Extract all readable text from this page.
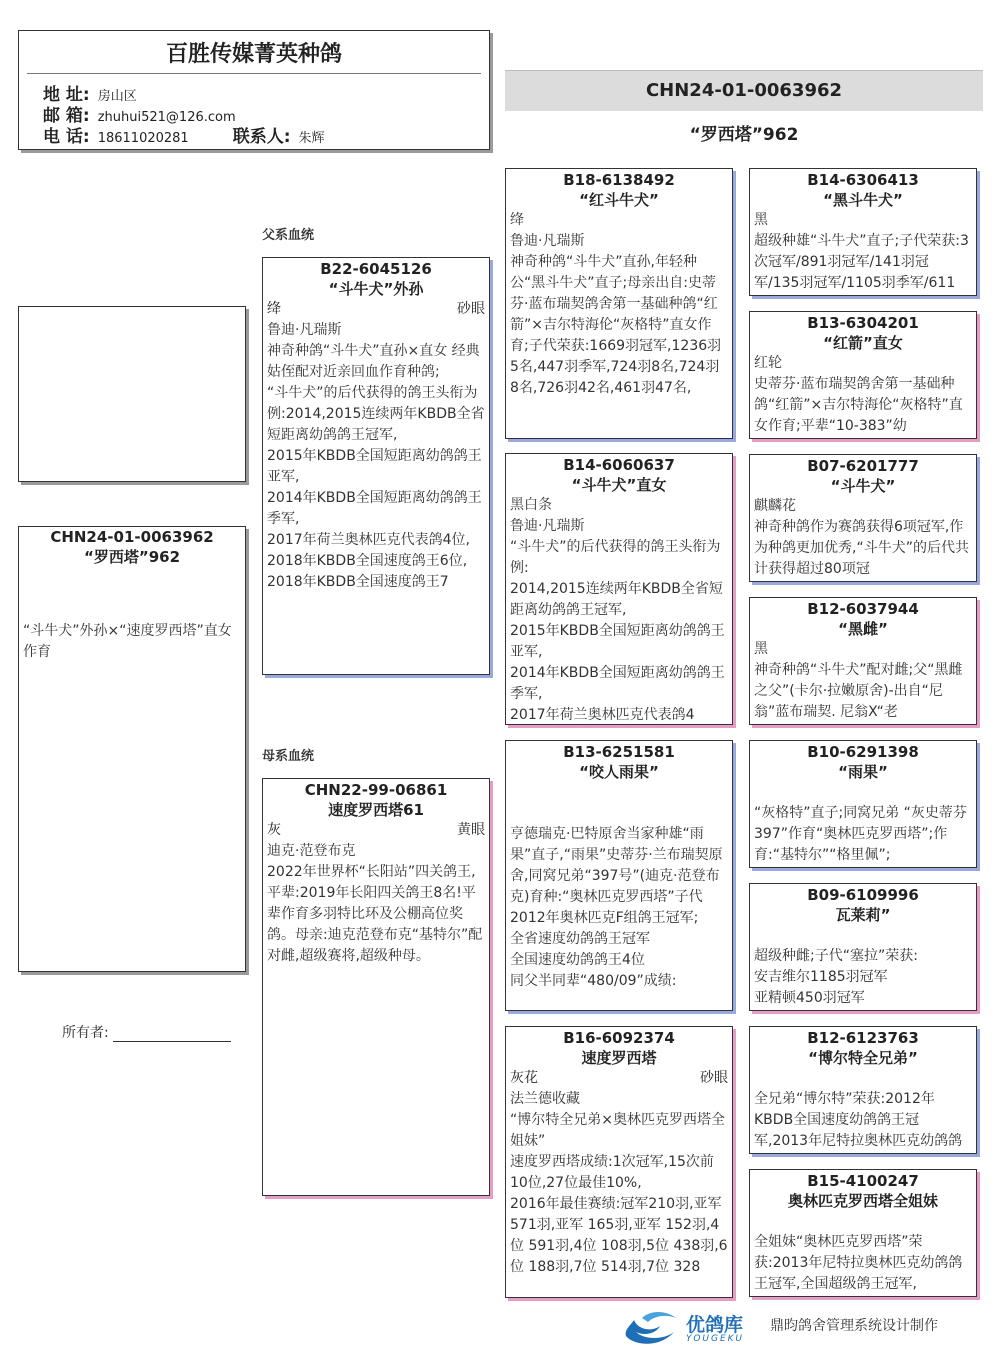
百胜传媒菁英种鸽
地 址: 房山区
邮 箱: zhuhui521@126.com
电 话: 18611020281	联系人: 朱辉
CHN24-01-0063962
“罗西塔”962
父系血统
母系血统
CHN24-01-0063962
“罗西塔”962
“斗牛犬”外孙×“速度罗西塔”直女作育
所有者:
B22-6045126
“斗牛犬”外孙
绛	砂眼
鲁迪·凡瑞斯
神奇种鸽“斗牛犬”直孙×直女 经典姑侄配对近亲回血作育种鸽;
“斗牛犬”的后代获得的鸽王头衔为例:2014,2015连续两年KBDB全省短距离幼鸽鸽王冠军,
2015年KBDB全国短距离幼鸽鸽王亚军,
2014年KBDB全国短距离幼鸽鸽王季军,
2017年荷兰奥林匹克代表鸽4位,
2018年KBDB全国速度鸽王6位,
2018年KBDB全国速度鸽王7
CHN22-99-06861
速度罗西塔61
灰	黄眼
迪克·范登布克
2022年世界杯“长阳站”四关鸽王,平辈:2019年长阳四关鸽王8名!平辈作育多羽特比环及公棚高位奖鸽。母亲:迪克范登布克“基特尔”配对雌,超级赛将,超级种母。
B18-6138492
“红斗牛犬”
绛
鲁迪·凡瑞斯
神奇种鸽“斗牛犬”直孙,年轻种公“黑斗牛犬”直子;母亲出自:史蒂芬·蓝布瑞契鸽舍第一基础种鸽“红箭”×吉尔特海伦“灰格特”直女作育;子代荣获:1669羽冠军,1236羽5名,447羽季军,724羽8名,724羽8名,726羽42名,461羽47名,
B14-6060637
“斗牛犬”直女
黑白条
鲁迪·凡瑞斯
“斗牛犬”的后代获得的鸽王头衔为例:
2014,2015连续两年KBDB全省短距离幼鸽鸽王冠军,
2015年KBDB全国短距离幼鸽鸽王亚军,
2014年KBDB全国短距离幼鸽鸽王季军,
2017年荷兰奥林匹克代表鸽4
B13-6251581
“咬人雨果”
亨德瑞克·巴特原舍当家种雄“雨果”直子,“雨果”史蒂芬·兰布瑞契原舍,同窝兄弟“397号”(迪克·范登布克)育种:“奥林匹克罗西塔”子代2012年奥林匹克F组鸽王冠军;
全省速度幼鸽鸽王冠军
全国速度幼鸽鸽王4位
同父半同辈“480/09”成绩:
B16-6092374
速度罗西塔
灰花	砂眼
法兰德收藏
“博尔特全兄弟×奥林匹克罗西塔全姐妹”
速度罗西塔成绩:1次冠军,15次前10位,27位最佳10%,
2016年最佳赛绩:冠军210羽,亚军 571羽,亚军 165羽,亚军 152羽,4位 591羽,4位 108羽,5位 438羽,6位 188羽,7位 514羽,7位 328
B14-6306413
“黑斗牛犬”
黑
超级种雄“斗牛犬”直子;子代荣获:3次冠军/891羽冠军/141羽冠军/135羽冠军/1105羽季军/611
B13-6304201
“红箭”直女
红轮
史蒂芬·蓝布瑞契鸽舍第一基础种鸽“红箭”×吉尔特海伦“灰格特”直女作育;平辈“10-383”幼
B07-6201777
“斗牛犬”
麒麟花
神奇种鸽作为赛鸽获得6项冠军,作为种鸽更加优秀,“斗牛犬”的后代共计获得超过80项冠
B12-6037944
“黑雌”
黑
神奇种鸽“斗牛犬”配对雌;父“黑雌之父”(卡尔·拉嫩原舍)-出自“尼翁”蓝布瑞契. 尼翁X“老
B10-6291398
“雨果”
“灰格特”直子;同窝兄弟 “灰史蒂芬397”作育“奥林匹克罗西塔”;作育:“基特尔”“格里佩”;
B09-6109996
瓦莱莉”
超级种雌;子代“塞拉”荣获:
安吉维尔1185羽冠军
亚精顿450羽冠军
B12-6123763
“博尔特全兄弟”
全兄弟“博尔特”荣获:2012年KBDB全国速度幼鸽鸽王冠军,2013年尼特拉奥林匹克幼鸽鸽
B15-4100247
奥林匹克罗西塔全姐妹
全姐妹“奥林匹克罗西塔”荣获:2013年尼特拉奥林匹克幼鸽鸽王冠军,全国超级鸽王冠军,
优鸽库
YOUGEKU
鼎昀鸽舍管理系统设计制作
